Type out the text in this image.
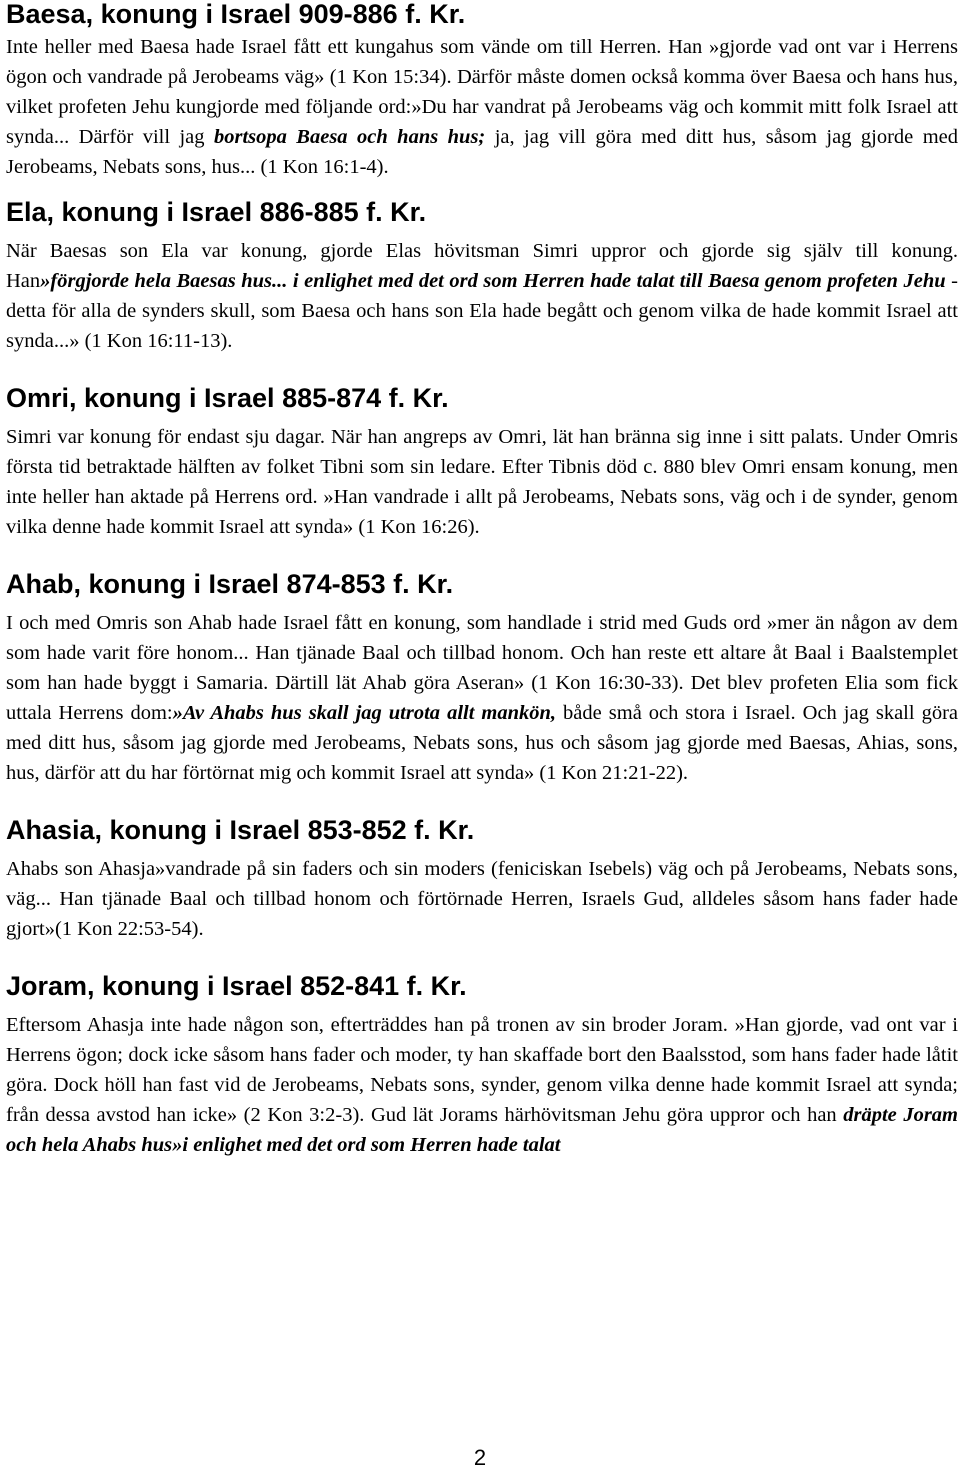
Baesa, konung i Israel 909-886 f. Kr.

Inte heller med Baesa hade Israel fått ett kungahus som vände om till Herren. Han »gjorde vad ont var i Herrens ögon och vandrade på Jerobeams väg» (1 Kon 15:34). Därför måste domen också komma över Baesa och hans hus, vilket profeten Jehu kungjorde med följande ord:»Du har vandrat på Jerobeams väg och kommit mitt folk Israel att synda... Därför vill jag bortsopa Baesa och hans hus; ja, jag vill göra med ditt hus, såsom jag gjorde med Jerobeams, Nebats sons, hus... (1 Kon 16:1-4).

Ela, konung i Israel 886-885 f. Kr.

När Baesas son Ela var konung, gjorde Elas hövitsman Simri uppror och gjorde sig själv till konung. Han»förgjorde hela Baesas hus... i enlighet med det ord som Herren hade talat till Baesa genom profeten Jehu - detta för alla de synders skull, som Baesa och hans son Ela hade begått och genom vilka de hade kommit Israel att synda...» (1 Kon 16:11-13).

Omri, konung i Israel 885-874 f. Kr.

Simri var konung för endast sju dagar. När han angreps av Omri, lät han bränna sig inne i sitt palats. Under Omris första tid betraktade hälften av folket Tibni som sin ledare. Efter Tibnis död c. 880 blev Omri ensam konung, men inte heller han aktade på Herrens ord. »Han vandrade i allt på Jerobeams, Nebats sons, väg och i de synder, genom vilka denne hade kommit Israel att synda» (1 Kon 16:26).

Ahab, konung i Israel 874-853 f. Kr.

I och med Omris son Ahab hade Israel fått en konung, som handlade i strid med Guds ord »mer än någon av dem som hade varit före honom... Han tjänade Baal och tillbad honom. Och han reste ett altare åt Baal i Baalstemplet som han hade byggt i Samaria. Därtill lät Ahab göra Aseran» (1 Kon 16:30-33). Det blev profeten Elia som fick uttala Herrens dom:»Av Ahabs hus skall jag utrota allt mankön, både små och stora i Israel. Och jag skall göra med ditt hus, såsom jag gjorde med Jerobeams, Nebats sons, hus och såsom jag gjorde med Baesas, Ahias, sons, hus, därför att du har förtörnat mig och kommit Israel att synda» (1 Kon 21:21-22).

Ahasia, konung i Israel 853-852 f. Kr.

Ahabs son Ahasja»vandrade på sin faders och sin moders (feniciskan Isebels) väg och på Jerobeams, Nebats sons, väg... Han tjänade Baal och tillbad honom och förtörnade Herren, Israels Gud, alldeles såsom hans fader hade gjort»(1 Kon 22:53-54).

Joram, konung i Israel 852-841 f. Kr.

Eftersom Ahasja inte hade någon son, efterträddes han på tronen av sin broder Joram. »Han gjorde, vad ont var i Herrens ögon; dock icke såsom hans fader och moder, ty han skaffade bort den Baalsstod, som hans fader hade låtit göra. Dock höll han fast vid de Jerobeams, Nebats sons, synder, genom vilka denne hade kommit Israel att synda; från dessa avstod han icke» (2 Kon 3:2-3). Gud lät Jorams härhövitsman Jehu göra uppror och han dräpte Joram och hela Ahabs hus»i enlighet med det ord som Herren hade talat

2
